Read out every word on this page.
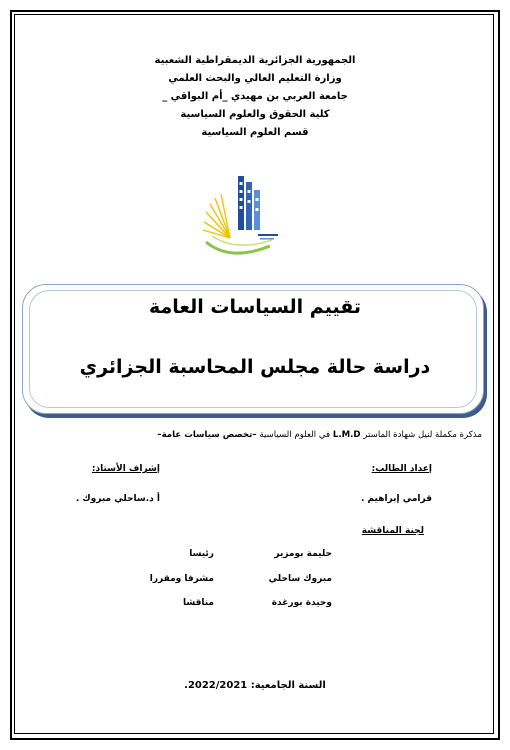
الجمهورية الجزائرية الديمقراطية الشعبية
وزارة التعليم العالي والبحث العلمي
جامعة العربي بن مهيدي _أم البواقي _
كلية الحقوق والعلوم السياسية
قسم العلوم السياسية
تقييم السياسات العامة
دراسة حالة مجلس المحاسبة الجزائري
مذكرة مكملة لنيل شهادة الماستر L.M.D في العلوم السياسية –تخصص سياسات عامة–
إعداد الطالب:
إشراف الأستاذ:
قرامي إبراهيم .
أ د.ساحلي مبروك .
لجنة المناقشة
حليمة بومزير
رئيسا
مبروك ساحلي
مشرفا ومقررا
وحيدة بورغدة
مناقشا
السنة الجامعية: 2022/2021.
